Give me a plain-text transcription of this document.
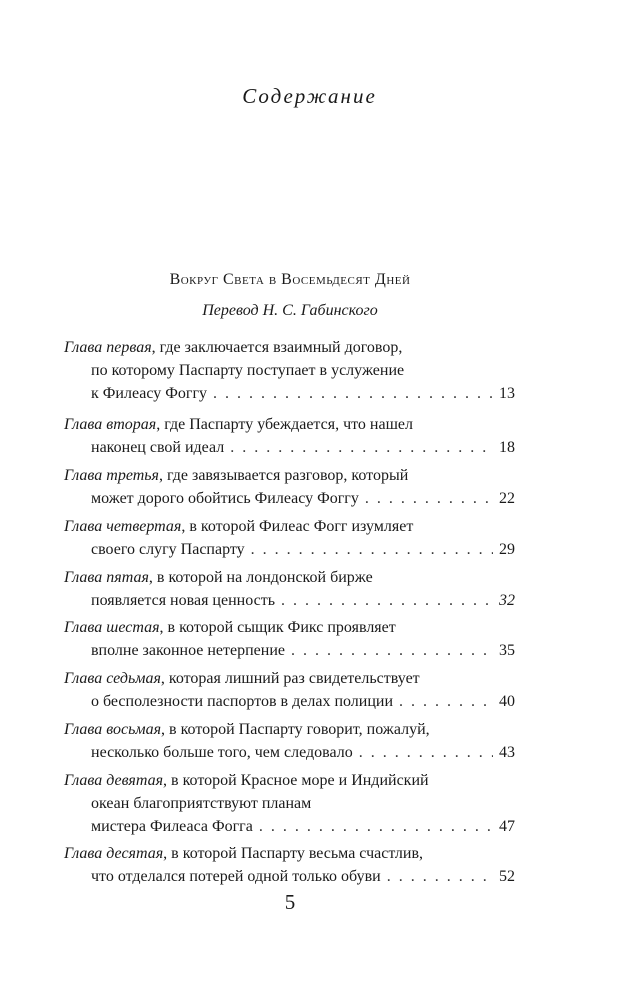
Содержание
Вокруг Света в Восемьдесят Дней
Перевод Н. С. Габинского
Глава первая, где заключается взаимный договор,
по которому Паспарту поступает в услужение
к Филеасу Фоггу . . .	13
Глава вторая, где Паспарту убеждается, что нашел
наконец свой идеал . . .	18
Глава третья, где завязывается разговор, который
может дорого обойтись Филеасу Фоггу . . .	22
Глава четвертая, в которой Филеас Фогг изумляет
своего слугу Паспарту . . .	29
Глава пятая, в которой на лондонской бирже
появляется новая ценность . . .	32
Глава шестая, в которой сыщик Фикс проявляет
вполне законное нетерпение . . .	35
Глава седьмая, которая лишний раз свидетельствует
о бесполезности паспортов в делах полиции . . .	40
Глава восьмая, в которой Паспарту говорит, пожалуй,
несколько больше того, чем следовало . . .	43
Глава девятая, в которой Красное море и Индийский
океан благоприятствуют планам
мистера Филеаса Фогга . . .	47
Глава десятая, в которой Паспарту весьма счастлив,
что отделался потерей одной только обуви . . .	52
5
